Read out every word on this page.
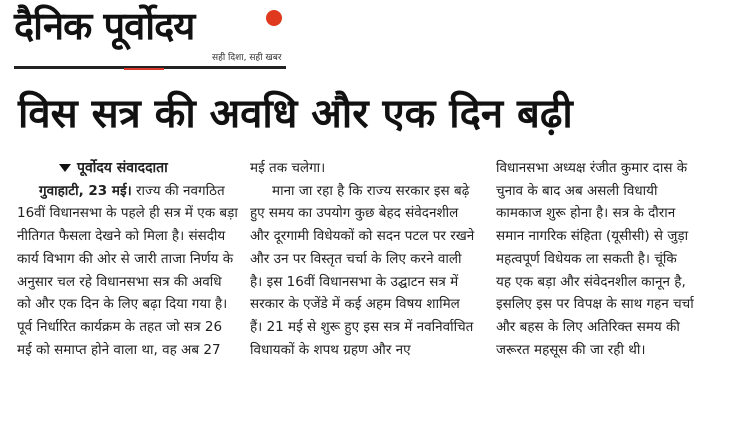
दैनिक पूर्वोदय
सही दिशा, सही खबर
विस सत्र की अवधि और एक दिन बढ़ी
पूर्वोदय संवाददाता

गुवाहाटी, 23 मई। राज्य की नवगठित 16वीं विधानसभा के पहले ही सत्र में एक बड़ा नीतिगत फैसला देखने को मिला है। संसदीय कार्य विभाग की ओर से जारी ताजा निर्णय के अनुसार चल रहे विधानसभा सत्र की अवधि को और एक दिन के लिए बढ़ा दिया गया है। पूर्व निर्धारित कार्यक्रम के तहत जो सत्र 26 मई को समाप्त होने वाला था, वह अब 27

मई तक चलेगा।

माना जा रहा है कि राज्य सरकार इस बढ़े हुए समय का उपयोग कुछ बेहद संवेदनशील और दूरगामी विधेयकों को सदन पटल पर रखने और उन पर विस्तृत चर्चा के लिए करने वाली है। इस 16वीं विधानसभा के उद्घाटन सत्र में सरकार के एजेंडे में कई अहम विषय शामिल हैं। 21 मई से शुरू हुए इस सत्र में नवनिर्वाचित विधायकों के शपथ ग्रहण और नए

विधानसभा अध्यक्ष रंजीत कुमार दास के चुनाव के बाद अब असली विधायी कामकाज शुरू होना है। सत्र के दौरान समान नागरिक संहिता (यूसीसी) से जुड़ा महत्वपूर्ण विधेयक ला सकती है। चूंकि यह एक बड़ा और संवेदनशील कानून है, इसलिए इस पर विपक्ष के साथ गहन चर्चा और बहस के लिए अतिरिक्त समय की जरूरत महसूस की जा रही थी।
